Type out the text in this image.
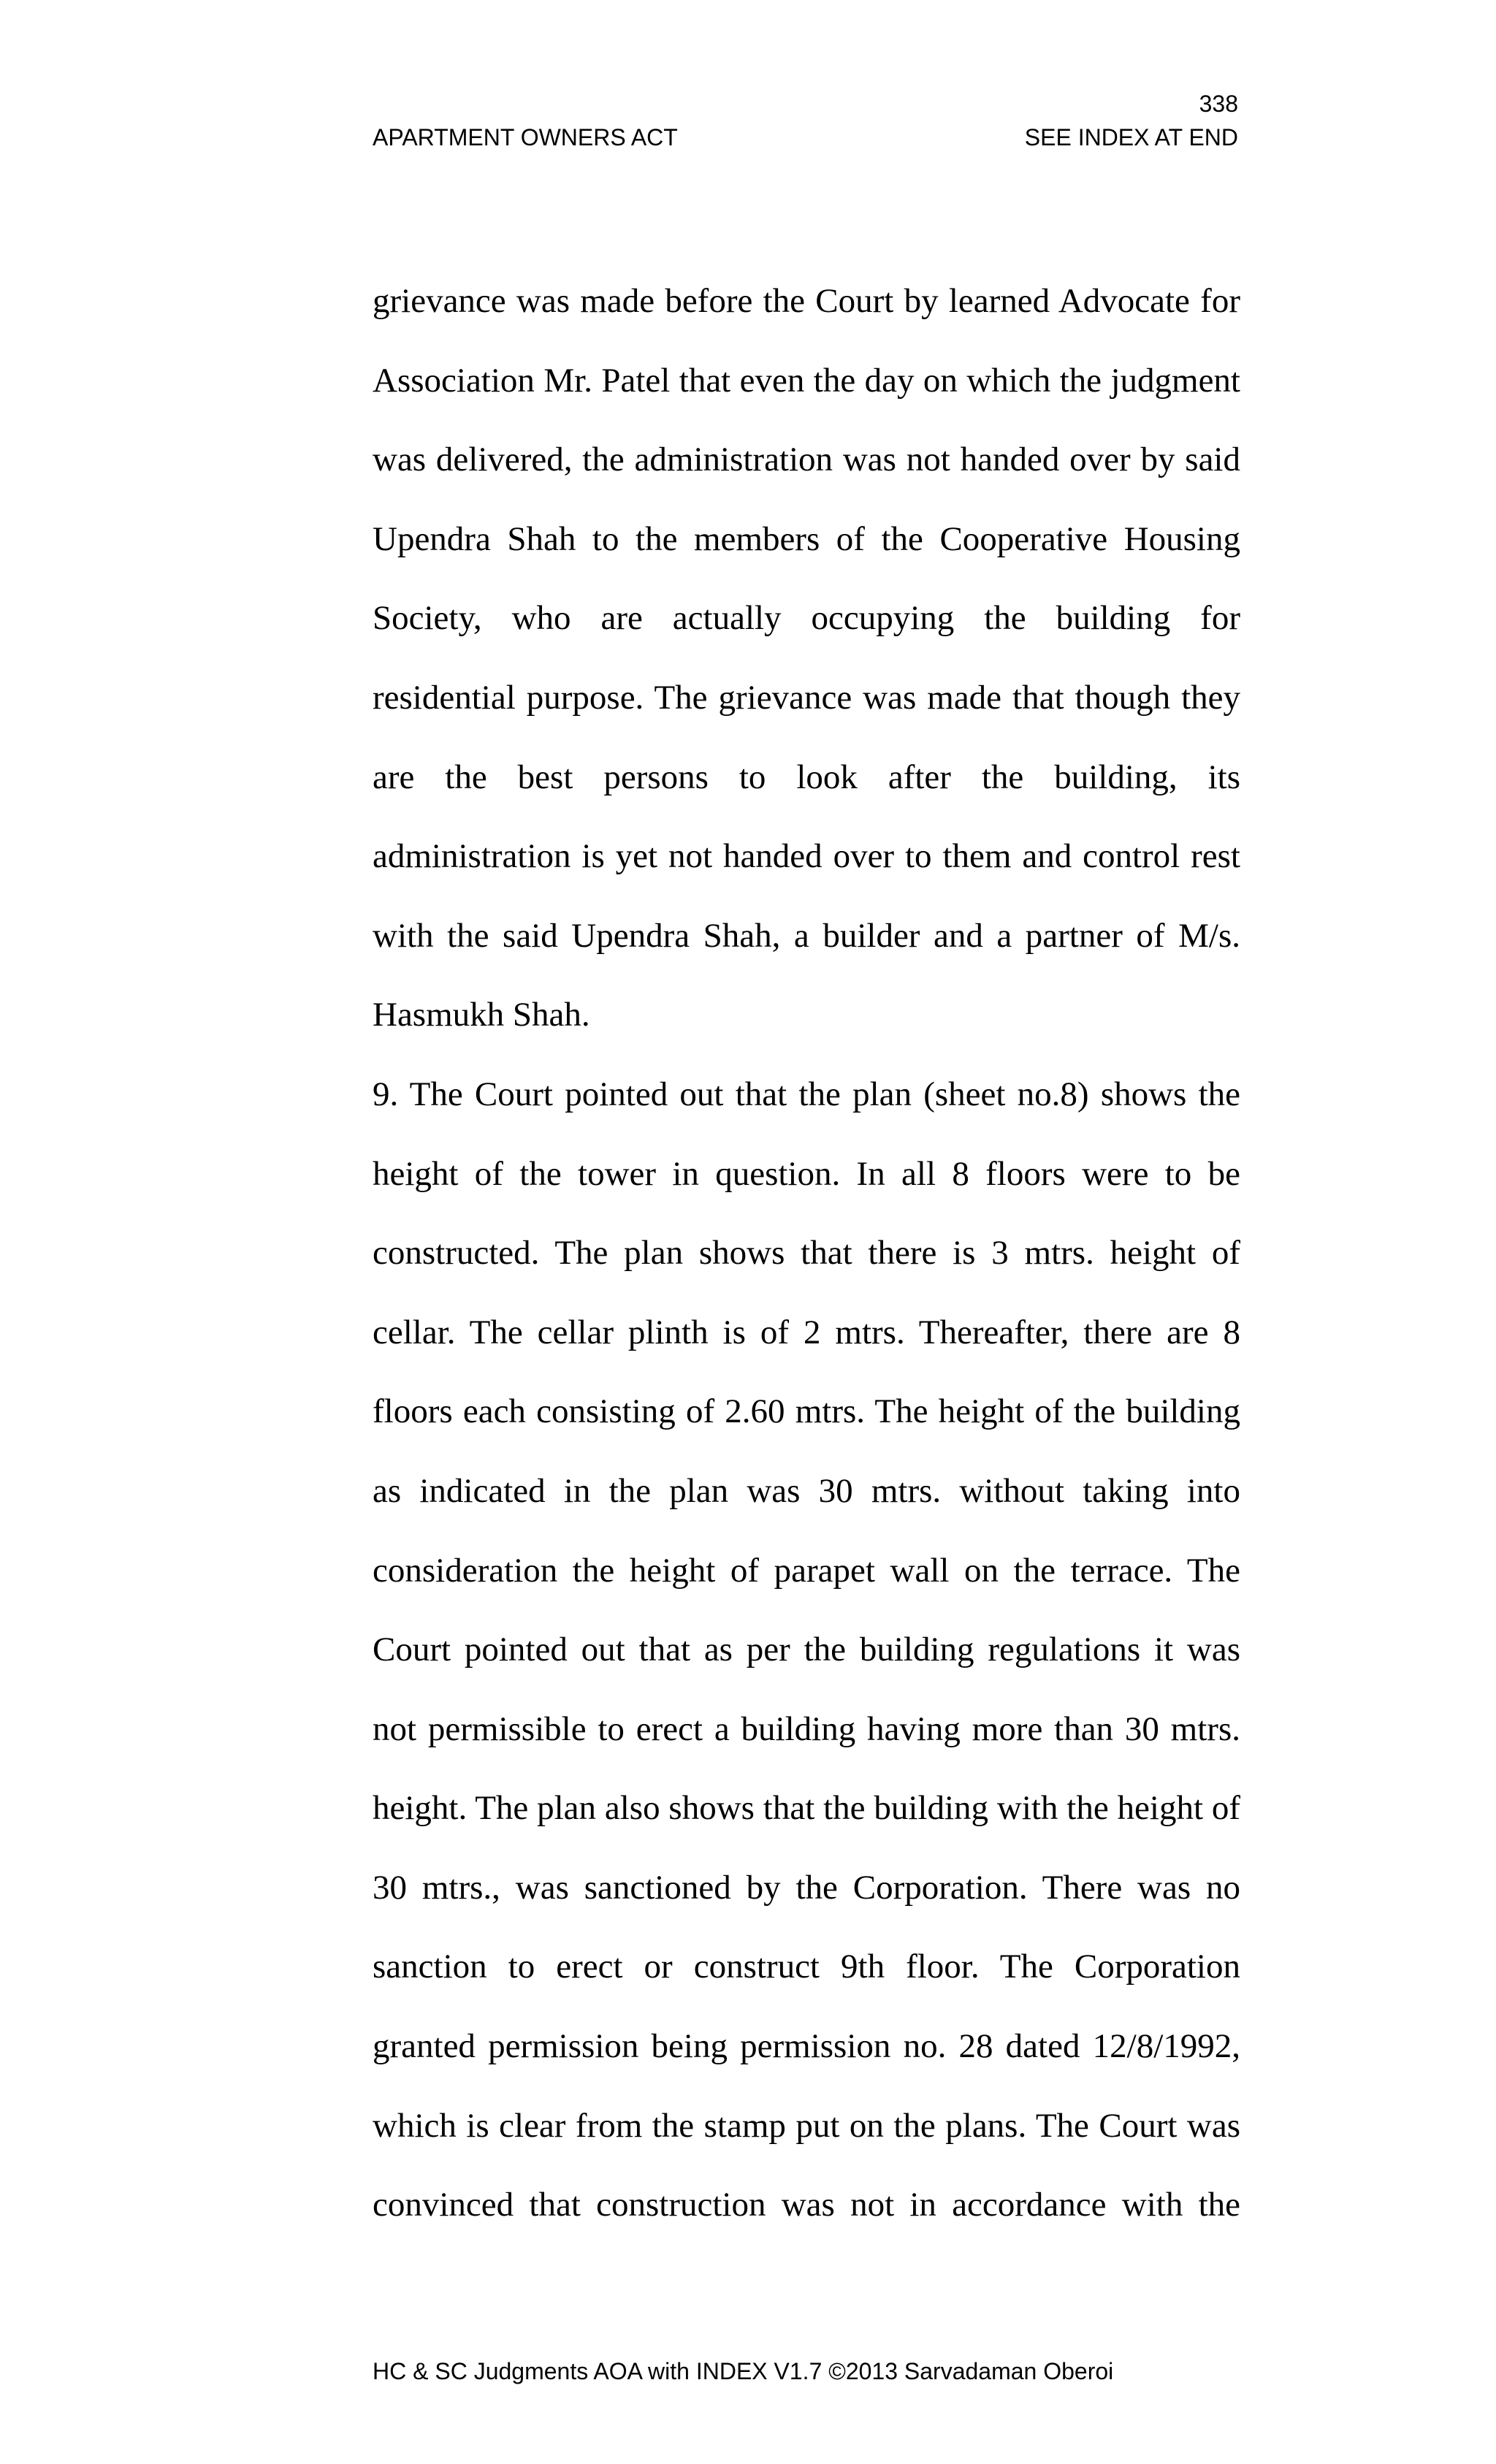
338
APARTMENT OWNERS ACT	SEE INDEX AT END

grievance was made before the Court by learned Advocate for Association Mr. Patel that even the day on which the judgment was delivered, the administration was not handed over by said Upendra Shah to the members of the Cooperative Housing Society, who are actually occupying the building for residential purpose. The grievance was made that though they are the best persons to look after the building, its administration is yet not handed over to them and control rest with the said Upendra Shah, a builder and a partner of M/s. Hasmukh Shah.

9. The Court pointed out that the plan (sheet no.8) shows the height of the tower in question. In all 8 floors were to be constructed. The plan shows that there is 3 mtrs. height of cellar. The cellar plinth is of 2 mtrs. Thereafter, there are 8 floors each consisting of 2.60 mtrs. The height of the building as indicated in the plan was 30 mtrs. without taking into consideration the height of parapet wall on the terrace. The Court pointed out that as per the building regulations it was not permissible to erect a building having more than 30 mtrs. height. The plan also shows that the building with the height of 30 mtrs., was sanctioned by the Corporation. There was no sanction to erect or construct 9th floor. The Corporation granted permission being permission no. 28 dated 12/8/1992, which is clear from the stamp put on the plans. The Court was convinced that construction was not in accordance with the

HC & SC Judgments AOA with INDEX V1.7 ©2013 Sarvadaman Oberoi
